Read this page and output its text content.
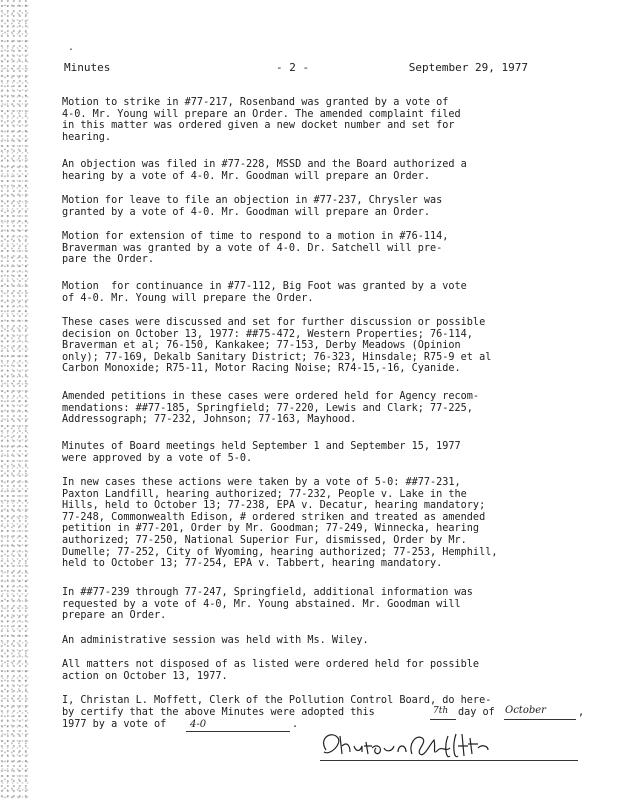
.
Minutes	- 2 -	September 29, 1977

Motion to strike in #77-217, Rosenband was granted by a vote of
4-0. Mr. Young will prepare an Order. The amended complaint filed
in this matter was ordered given a new docket number and set for
hearing.

An objection was filed in #77-228, MSSD and the Board authorized a
hearing by a vote of 4-0. Mr. Goodman will prepare an Order.

Motion for leave to file an objection in #77-237, Chrysler was
granted by a vote of 4-0. Mr. Goodman will prepare an Order.

Motion for extension of time to respond to a motion in #76-114,
Braverman was granted by a vote of 4-0. Dr. Satchell will pre-
pare the Order.

Motion  for continuance in #77-112, Big Foot was granted by a vote
of 4-0. Mr. Young will prepare the Order.

These cases were discussed and set for further discussion or possible
decision on October 13, 1977: ##75-472, Western Properties; 76-114,
Braverman et al; 76-150, Kankakee; 77-153, Derby Meadows (Opinion
only); 77-169, Dekalb Sanitary District; 76-323, Hinsdale; R75-9 et al
Carbon Monoxide; R75-11, Motor Racing Noise; R74-15,-16, Cyanide.

Amended petitions in these cases were ordered held for Agency recom-
mendations: ##77-185, Springfield; 77-220, Lewis and Clark; 77-225,
Addressograph; 77-232, Johnson; 77-163, Mayhood.

Minutes of Board meetings held September 1 and September 15, 1977
were approved by a vote of 5-0.

In new cases these actions were taken by a vote of 5-0: ##77-231,
Paxton Landfill, hearing authorized; 77-232, People v. Lake in the
Hills, held to October 13; 77-238, EPA v. Decatur, hearing mandatory;
77-248, Commonwealth Edison, # ordered striken and treated as amended
petition in #77-201, Order by Mr. Goodman; 77-249, Winnecka, hearing
authorized; 77-250, National Superior Fur, dismissed, Order by Mr.
Dumelle; 77-252, City of Wyoming, hearing authorized; 77-253, Hemphill,
held to October 13; 77-254, EPA v. Tabbert, hearing mandatory.

In ##77-239 through 77-247, Springfield, additional information was
requested by a vote of 4-0, Mr. Young abstained. Mr. Goodman will
prepare an Order.

An administrative session was held with Ms. Wiley.

All matters not disposed of as listed were ordered held for possible
action on October 13, 1977.

I, Christan L. Moffett, Clerk of the Pollution Control Board, do here-

by certify that the above Minutes were adopted this	7th day of October	,
1977 by a vote of 4-0	.
Christan L. Moffett
